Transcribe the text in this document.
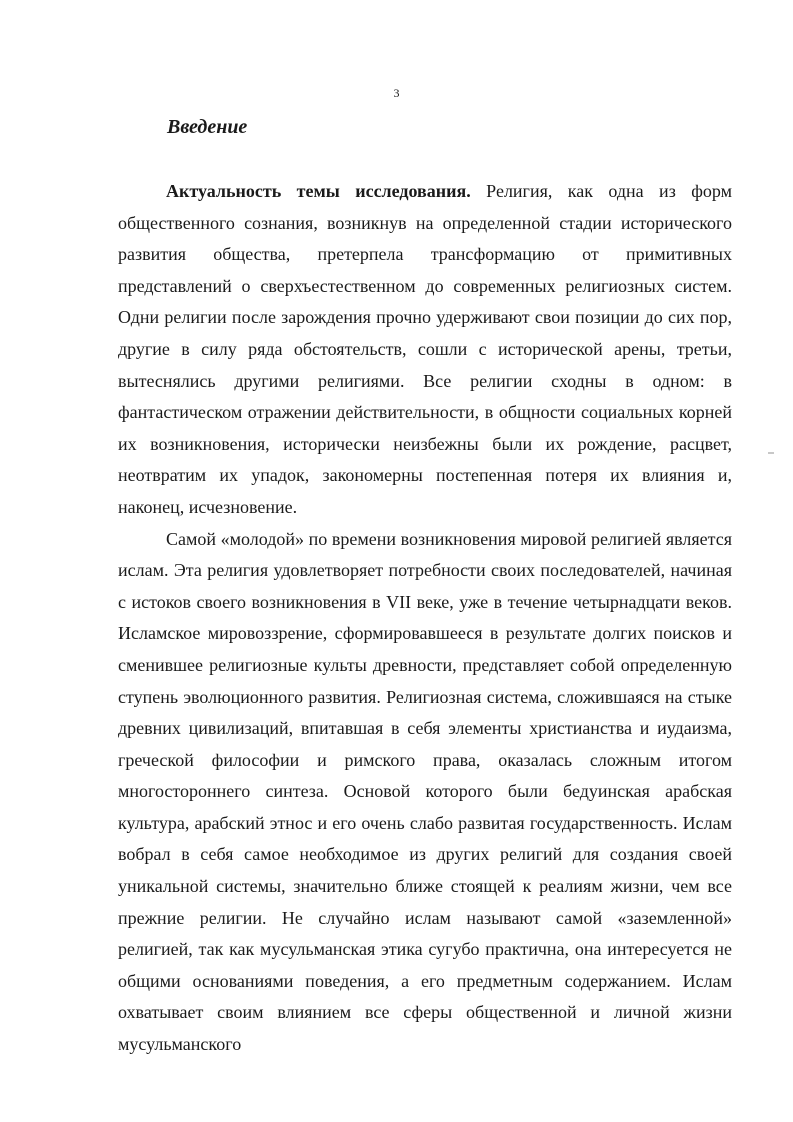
3
Введение

Актуальность темы исследования. Религия, как одна из форм общественного сознания, возникнув на определенной стадии исторического развития общества, претерпела трансформацию от примитивных представлений о сверхъестественном до современных религиозных систем. Одни религии после зарождения прочно удерживают свои позиции до сих пор, другие в силу ряда обстоятельств, сошли с исторической арены, третьи, вытеснялись другими религиями. Все религии сходны в одном: в фантастическом отражении действительности, в общности социальных корней их возникновения, исторически неизбежны были их рождение, расцвет, неотвратим их упадок, закономерны постепенная потеря их влияния и, наконец, исчезновение.

Самой «молодой» по времени возникновения мировой религией является ислам. Эта религия удовлетворяет потребности своих последователей, начиная с истоков своего возникновения в VII веке, уже в течение четырнадцати веков. Исламское мировоззрение, сформировавшееся в результате долгих поисков и сменившее религиозные культы древности, представляет собой определенную ступень эволюционного развития. Религиозная система, сложившаяся на стыке древних цивилизаций, впитавшая в себя элементы христианства и иудаизма, греческой философии и римского права, оказалась сложным итогом многостороннего синтеза. Основой которого были бедуинская арабская культура, арабский этнос и его очень слабо развитая государственность. Ислам вобрал в себя самое необходимое из других религий для создания своей уникальной системы, значительно ближе стоящей к реалиям жизни, чем все прежние религии. Не случайно ислам называют самой «заземленной» религией, так как мусульманская этика сугубо практична, она интересуется не общими основаниями поведения, а его предметным содержанием. Ислам охватывает своим влиянием все сферы общественной и личной жизни мусульманского
